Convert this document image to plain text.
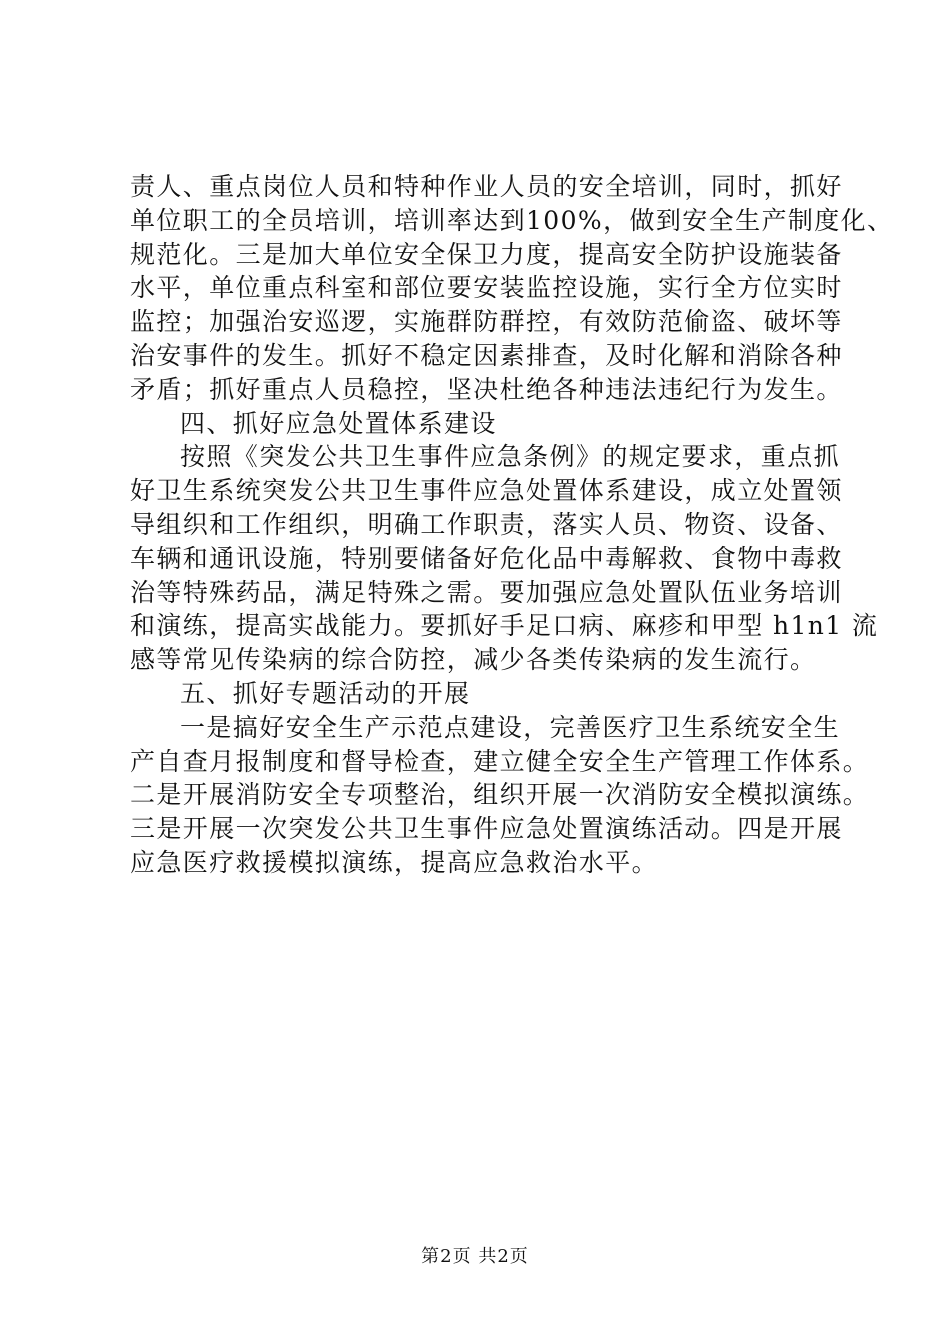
责人、重点岗位人员和特种作业人员的安全培训，同时，抓好
单位职工的全员培训，培训率达到100%，做到安全生产制度化、
规范化。三是加大单位安全保卫力度，提高安全防护设施装备
水平，单位重点科室和部位要安装监控设施，实行全方位实时
监控；加强治安巡逻，实施群防群控，有效防范偷盗、破坏等
治安事件的发生。抓好不稳定因素排查，及时化解和消除各种
矛盾；抓好重点人员稳控，坚决杜绝各种违法违纪行为发生。
四、抓好应急处置体系建设
按照《突发公共卫生事件应急条例》的规定要求，重点抓
好卫生系统突发公共卫生事件应急处置体系建设，成立处置领
导组织和工作组织，明确工作职责，落实人员、物资、设备、
车辆和通讯设施，特别要储备好危化品中毒解救、食物中毒救
治等特殊药品，满足特殊之需。要加强应急处置队伍业务培训
和演练，提高实战能力。要抓好手足口病、麻疹和甲型 h1n1 流
感等常见传染病的综合防控，减少各类传染病的发生流行。
五、抓好专题活动的开展
一是搞好安全生产示范点建设，完善医疗卫生系统安全生
产自查月报制度和督导检查，建立健全安全生产管理工作体系。
二是开展消防安全专项整治，组织开展一次消防安全模拟演练。
三是开展一次突发公共卫生事件应急处置演练活动。四是开展
应急医疗救援模拟演练，提高应急救治水平。
第2页 共2页
